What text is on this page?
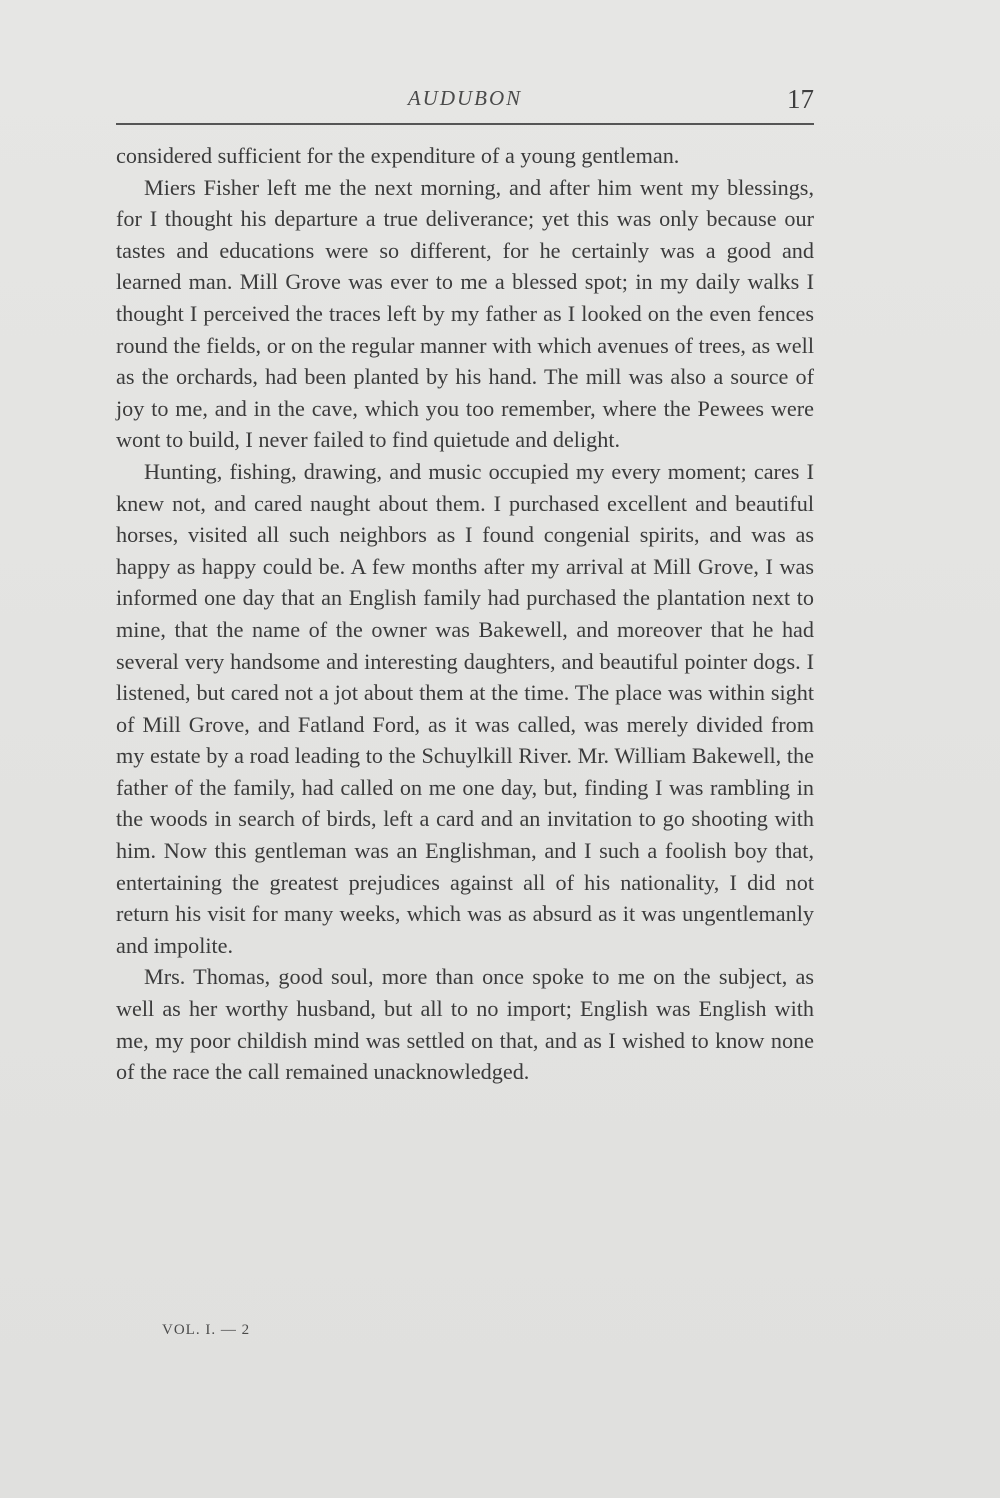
AUDUBON	17

considered sufficient for the expenditure of a young gentleman.

Miers Fisher left me the next morning, and after him went my blessings, for I thought his departure a true deliverance; yet this was only because our tastes and educations were so different, for he certainly was a good and learned man. Mill Grove was ever to me a blessed spot; in my daily walks I thought I perceived the traces left by my father as I looked on the even fences round the fields, or on the regular manner with which avenues of trees, as well as the orchards, had been planted by his hand. The mill was also a source of joy to me, and in the cave, which you too remember, where the Pewees were wont to build, I never failed to find quietude and delight.

Hunting, fishing, drawing, and music occupied my every moment; cares I knew not, and cared naught about them. I purchased excellent and beautiful horses, visited all such neighbors as I found congenial spirits, and was as happy as happy could be. A few months after my arrival at Mill Grove, I was informed one day that an English family had purchased the plantation next to mine, that the name of the owner was Bakewell, and moreover that he had several very handsome and interesting daughters, and beautiful pointer dogs. I listened, but cared not a jot about them at the time. The place was within sight of Mill Grove, and Fatland Ford, as it was called, was merely divided from my estate by a road leading to the Schuylkill River. Mr. William Bakewell, the father of the family, had called on me one day, but, finding I was rambling in the woods in search of birds, left a card and an invitation to go shooting with him. Now this gentleman was an Englishman, and I such a foolish boy that, entertaining the greatest prejudices against all of his nationality, I did not return his visit for many weeks, which was as absurd as it was ungentlemanly and impolite.

Mrs. Thomas, good soul, more than once spoke to me on the subject, as well as her worthy husband, but all to no import; English was English with me, my poor childish mind was settled on that, and as I wished to know none of the race the call remained unacknowledged.

VOL. I. — 2
